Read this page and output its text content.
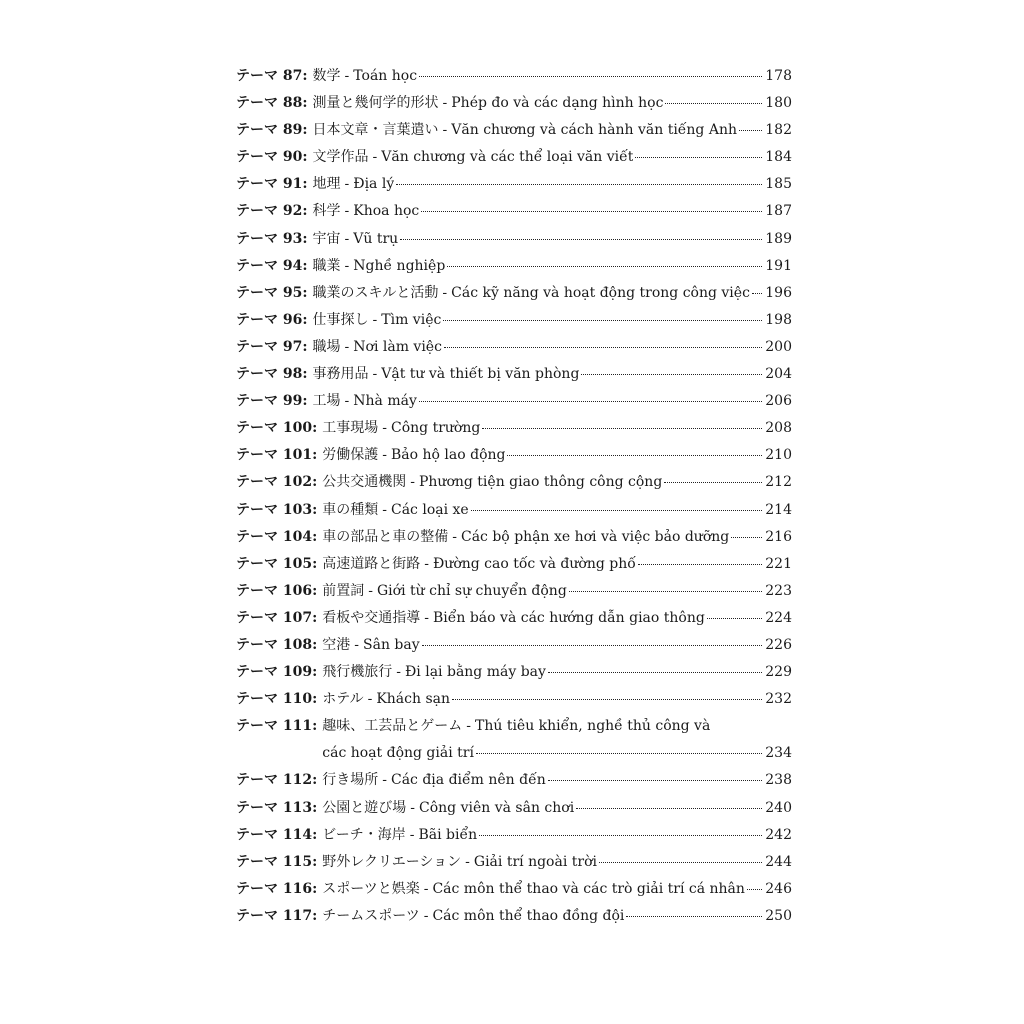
テーマ 87: 数学 - Toán học	178
テーマ 88: 測量と幾何学的形状 - Phép đo và các dạng hình học	180
テーマ 89: 日本文章・言葉遣い - Văn chương và cách hành văn tiếng Anh 182
テーマ 90: 文学作品 - Văn chương và các thể loại văn viết	184
テーマ 91: 地理 - Địa lý	185
テーマ 92: 科学 - Khoa học	187
テーマ 93: 宇宙 - Vũ trụ	189
テーマ 94: 職業 - Nghề nghiệp	191
テーマ 95: 職業のスキルと活動 - Các kỹ năng và hoạt động trong công việc 196
テーマ 96: 仕事探し - Tìm việc	198
テーマ 97: 職場 - Nơi làm việc	200
テーマ 98: 事務用品 - Vật tư và thiết bị văn phòng	204
テーマ 99: 工場 - Nhà máy	206
テーマ 100: 工事現場 - Công trường	208
テーマ 101: 労働保護 - Bảo hộ lao động	210
テーマ 102: 公共交通機関 - Phương tiện giao thông công cộng	212
テーマ 103: 車の種類 - Các loại xe	214
テーマ 104: 車の部品と車の整備 - Các bộ phận xe hơi và việc bảo dưỡng	216
テーマ 105: 高速道路と街路 - Đường cao tốc và đường phố	221
テーマ 106: 前置詞 - Giới từ chỉ sự chuyển động	223
テーマ 107: 看板や交通指導 - Biển báo và các hướng dẫn giao thông	224
テーマ 108: 空港 - Sân bay	226
テーマ 109: 飛行機旅行 - Đi lại bằng máy bay	229
テーマ 110: ホテル - Khách sạn	232
テーマ 111: 趣味、工芸品とゲーム - Thú tiêu khiển, nghề thủ công và
các hoạt động giải trí	234
テーマ 112: 行き場所 - Các địa điểm nên đến	238
テーマ 113: 公園と遊び場 - Công viên và sân chơi	240
テーマ 114: ビーチ・海岸 - Bãi biển	242
テーマ 115: 野外レクリエーション - Giải trí ngoài trời	244
テーマ 116: スポーツと娯楽 - Các môn thể thao và các trò giải trí cá nhân 246
テーマ 117: チームスポーツ - Các môn thể thao đồng đội	250
